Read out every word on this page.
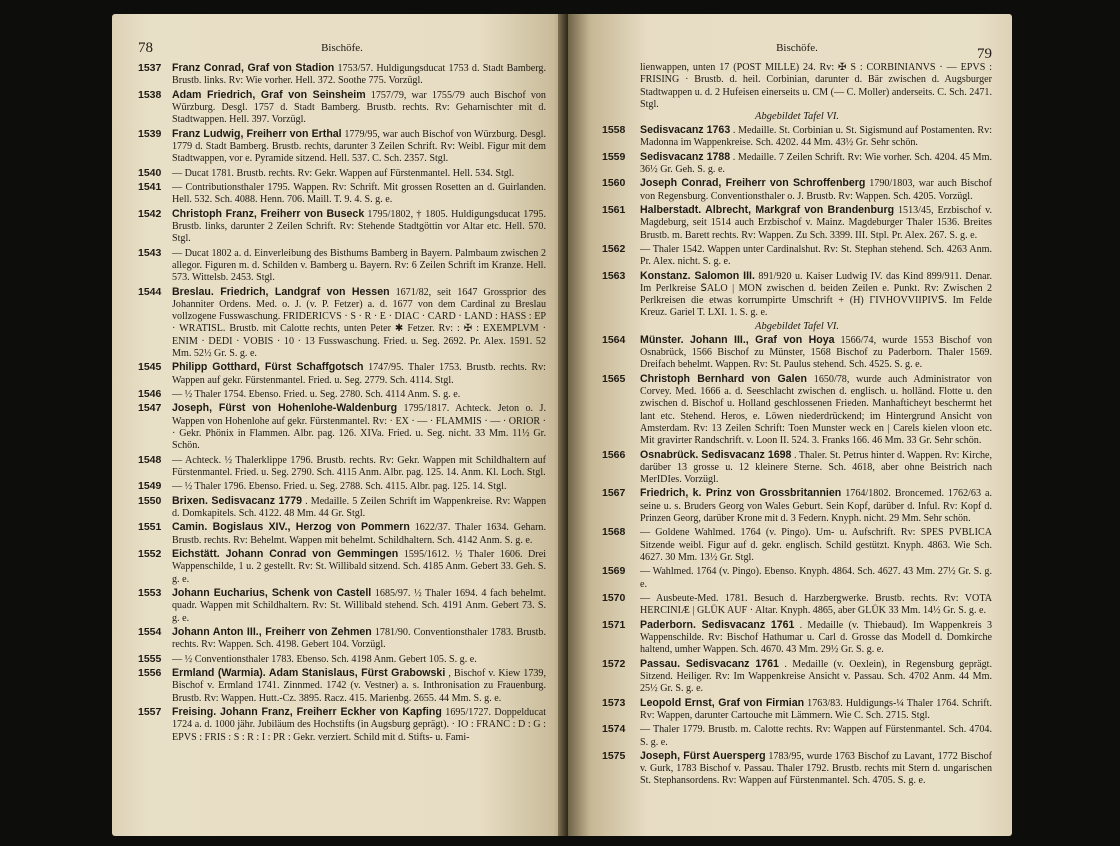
78	Bischöfe.
1537	Franz Conrad, Graf von Stadion 1753/57. Huldigungsducat 1753 d. Stadt Bamberg. Brustb. links. Rv: Wie vorher. Hell. 372. Soothe 775. Vorzügl.
1538	Adam Friedrich, Graf von Seinsheim 1757/79, war 1755/79 auch Bischof von Würzburg. Desgl. 1757 d. Stadt Bamberg. Brustb. rechts. Rv: Geharnischter mit d. Stadtwappen. Hell. 397. Vorzügl.
1539	Franz Ludwig, Freiherr von Erthal 1779/95, war auch Bischof von Würzburg. Desgl. 1779 d. Stadt Bamberg. Brustb. rechts, darunter 3 Zeilen Schrift. Rv: Weibl. Figur mit dem Stadtwappen, vor e. Pyramide sitzend. Hell. 537. C. Sch. 2357. Stgl.
1540	— Ducat 1781. Brustb. rechts. Rv: Gekr. Wappen auf Fürstenmantel. Hell. 534. Stgl.
1541	— Contributionsthaler 1795. Wappen. Rv: Schrift. Mit grossen Rosetten an d. Guirlanden. Hell. 532. Sch. 4088. Henn. 706. Maill. T. 9. 4. S. g. e.
1542	Christoph Franz, Freiherr von Buseck 1795/1802, † 1805. Huldigungsducat 1795. Brustb. links, darunter 2 Zeilen Schrift. Rv: Stehende Stadtgöttin vor Altar etc. Hell. 570. Stgl.
1543	— Ducat 1802 a. d. Einverleibung des Bisthums Bamberg in Bayern. Palmbaum zwischen 2 allegor. Figuren m. d. Schilden v. Bamberg u. Bayern. Rv: 6 Zeilen Schrift im Kranze. Hell. 573. Wittelsb. 2453. Stgl.
1544	Breslau. Friedrich, Landgraf von Hessen 1671/82, seit 1647 Grossprior des Johanniter Ordens. Med. o. J. (v. P. Fetzer) a. d. 1677 von dem Cardinal zu Breslau vollzogene Fusswaschung. FRIDERICVS · S · R · E · DIAC · CARD · LAND : HASS : EP · WRATISL. Brustb. mit Calotte rechts, unten Peter ✱ Fetzer. Rv: : ✠ : EXEMPLVM · ENIM · DEDI · VOBIS · 10 · 13 Fusswaschung. Fried. u. Seg. 2692. Pr. Alex. 1591. 52 Mm. 52½ Gr. S. g. e.
1545	Philipp Gotthard, Fürst Schaffgotsch 1747/95. Thaler 1753. Brustb. rechts. Rv: Wappen auf gekr. Fürstenmantel. Fried. u. Seg. 2779. Sch. 4114. Stgl.
1546	— ½ Thaler 1754. Ebenso. Fried. u. Seg. 2780. Sch. 4114 Anm. S. g. e.
1547	Joseph, Fürst von Hohenlohe-Waldenburg 1795/1817. Achteck. Jeton o. J. Wappen von Hohenlohe auf gekr. Fürstenmantel. Rv: · EX · — · FLAMMIS · — · ORIOR · · Gekr. Phönix in Flammen. Albr. pag. 126. XIVa. Fried. u. Seg. nicht. 33 Mm. 11½ Gr. Schön.
1548	— Achteck. ½ Thalerklippe 1796. Brustb. rechts. Rv: Gekr. Wappen mit Schildhaltern auf Fürstenmantel. Fried. u. Seg. 2790. Sch. 4115 Anm. Albr. pag. 125. 14. Anm. Kl. Loch. Stgl.
1549	— ½ Thaler 1796. Ebenso. Fried. u. Seg. 2788. Sch. 4115. Albr. pag. 125. 14. Stgl.
1550	Brixen. Sedisvacanz 1779 . Medaille. 5 Zeilen Schrift im Wappenkreise. Rv: Wappen d. Domkapitels. Sch. 4122. 48 Mm. 44 Gr. Stgl.
1551	Camin. Bogislaus XIV., Herzog von Pommern 1622/37. Thaler 1634. Geharn. Brustb. rechts. Rv: Behelmt. Wappen mit behelmt. Schildhaltern. Sch. 4142 Anm. S. g. e.
1552	Eichstätt. Johann Conrad von Gemmingen 1595/1612. ½ Thaler 1606. Drei Wappenschilde, 1 u. 2 gestellt. Rv: St. Willibald sitzend. Sch. 4185 Anm. Gebert 33. Geh. S. g. e.
1553	Johann Eucharius, Schenk von Castell 1685/97. ½ Thaler 1694. 4 fach behelmt. quadr. Wappen mit Schildhaltern. Rv: St. Willibald stehend. Sch. 4191 Anm. Gebert 73. S. g. e.
1554	Johann Anton III., Freiherr von Zehmen 1781/90. Conventionsthaler 1783. Brustb. rechts. Rv: Wappen. Sch. 4198. Gebert 104. Vorzügl.
1555	— ½ Conventionsthaler 1783. Ebenso. Sch. 4198 Anm. Gebert 105. S. g. e.
1556	Ermland (Warmia). Adam Stanislaus, Fürst Grabowski , Bischof v. Kiew 1739, Bischof v. Ermland 1741. Zinnmed. 1742 (v. Vestner) a. s. Inthronisation zu Frauenburg. Brustb. Rv: Wappen. Hutt.-Cz. 3895. Racz. 415. Marienbg. 2655. 44 Mm. S. g. e.
1557	Freising. Johann Franz, Freiherr Eckher von Kapfing 1695/1727. Doppelducat 1724 a. d. 1000 jähr. Jubiläum des Hochstifts (in Augsburg geprägt). · IO : FRANC : D : G : EPVS : FRIS : S : R : I : PR : Gekr. verziert. Schild mit d. Stifts- u. Fami-
Bischöfe.	79
lienwappen, unten 17 (POST MILLE) 24. Rv: ✠ S : CORBINIANVS · — EPVS : FRISING · Brustb. d. heil. Corbinian, darunter d. Bär zwischen d. Augsburger Stadtwappen u. d. 2 Hufeisen einerseits u. CM (— C. Moller) anderseits. C. Sch. 2471. Stgl.
Abgebildet Tafel VI.
1558	Sedisvacanz 1763 . Medaille. St. Corbinian u. St. Sigismund auf Postamenten. Rv: Madonna im Wappenkreise. Sch. 4202. 44 Mm. 43½ Gr. Sehr schön.
1559	Sedisvacanz 1788 . Medaille. 7 Zeilen Schrift. Rv: Wie vorher. Sch. 4204. 45 Mm. 36½ Gr. Geh. S. g. e.
1560	Joseph Conrad, Freiherr von Schroffenberg 1790/1803, war auch Bischof von Regensburg. Conventionsthaler o. J. Brustb. Rv: Wappen. Sch. 4205. Vorzügl.
1561	Halberstadt. Albrecht, Markgraf von Brandenburg 1513/45, Erzbischof v. Magdeburg, seit 1514 auch Erzbischof v. Mainz. Magdeburger Thaler 1536. Breites Brustb. m. Barett rechts. Rv: Wappen. Zu Sch. 3399. III. Stpl. Pr. Alex. 267. S. g. e.
1562	— Thaler 1542. Wappen unter Cardinalshut. Rv: St. Stephan stehend. Sch. 4263 Anm. Pr. Alex. nicht. S. g. e.
1563	Konstanz. Salomon III. 891/920 u. Kaiser Ludwig IV. das Kind 899/911. Denar. Im Perlkreise ꓢALO | MON zwischen d. beiden Zeilen e. Punkt. Rv: Zwischen 2 Perlkreisen die etwas korrumpirte Umschrift + (H) ΓIVHOVVIIPIVꓢ. Im Felde Kreuz. Gariel T. LXI. 1. S. g. e.
Abgebildet Tafel VI.
1564	Münster. Johann III., Graf von Hoya 1566/74, wurde 1553 Bischof von Osnabrück, 1566 Bischof zu Münster, 1568 Bischof zu Paderborn. Thaler 1569. Dreifach behelmt. Wappen. Rv: St. Paulus stehend. Sch. 4525. S. g. e.
1565	Christoph Bernhard von Galen 1650/78, wurde auch Administrator von Corvey. Med. 1666 a. d. Seeschlacht zwischen d. englisch. u. holländ. Flotte u. den zwischen d. Bischof u. Holland geschlossenen Frieden. Manhafticheyt beschermt het lant etc. Stehend. Heros, e. Löwen niederdrückend; im Hintergrund Ansicht von Amsterdam. Rv: 13 Zeilen Schrift: Toen Munster weck en | Carels kielen vloon etc. Mit gravirter Randschrift. v. Loon II. 524. 3. Franks 166. 46 Mm. 33 Gr. Sehr schön.
1566	Osnabrück. Sedisvacanz 1698 . Thaler. St. Petrus hinter d. Wappen. Rv: Kirche, darüber 13 grosse u. 12 kleinere Sterne. Sch. 4618, aber ohne Beistrich nach MerIDIes. Vorzügl.
1567	Friedrich, k. Prinz von Grossbritannien 1764/1802. Broncemed. 1762/63 a. seine u. s. Bruders Georg von Wales Geburt. Sein Kopf, darüber d. Inful. Rv: Kopf d. Prinzen Georg, darüber Krone mit d. 3 Federn. Knyph. nicht. 29 Mm. Sehr schön.
1568	— Goldene Wahlmed. 1764 (v. Pingo). Um- u. Aufschrift. Rv: SPES PVBLICA Sitzende weibl. Figur auf d. gekr. englisch. Schild gestützt. Knyph. 4863. Wie Sch. 4627. 30 Mm. 13½ Gr. Stgl.
1569	— Wahlmed. 1764 (v. Pingo). Ebenso. Knyph. 4864. Sch. 4627. 43 Mm. 27½ Gr. S. g. e.
1570	— Ausbeute-Med. 1781. Besuch d. Harzbergwerke. Brustb. rechts. Rv: VOTA HERCINIÆ | GLÜK AUF · Altar. Knyph. 4865, aber GLÜK 33 Mm. 14½ Gr. S. g. e.
1571	Paderborn. Sedisvacanz 1761 . Medaille (v. Thiebaud). Im Wappenkreis 3 Wappenschilde. Rv: Bischof Hathumar u. Carl d. Grosse das Modell d. Domkirche haltend, umher Wappen. Sch. 4670. 43 Mm. 29½ Gr. S. g. e.
1572	Passau. Sedisvacanz 1761 . Medaille (v. Oexlein), in Regensburg geprägt. Sitzend. Heiliger. Rv: Im Wappenkreise Ansicht v. Passau. Sch. 4702 Anm. 44 Mm. 25½ Gr. S. g. e.
1573	Leopold Ernst, Graf von Firmian 1763/83. Huldigungs-¼ Thaler 1764. Schrift. Rv: Wappen, darunter Cartouche mit Lämmern. Wie C. Sch. 2715. Stgl.
1574	— Thaler 1779. Brustb. m. Calotte rechts. Rv: Wappen auf Fürstenmantel. Sch. 4704. S. g. e.
1575	Joseph, Fürst Auersperg 1783/95, wurde 1763 Bischof zu Lavant, 1772 Bischof v. Gurk, 1783 Bischof v. Passau. Thaler 1792. Brustb. rechts mit Stern d. ungarischen St. Stephansordens. Rv: Wappen auf Fürstenmantel. Sch. 4705. S. g. e.
